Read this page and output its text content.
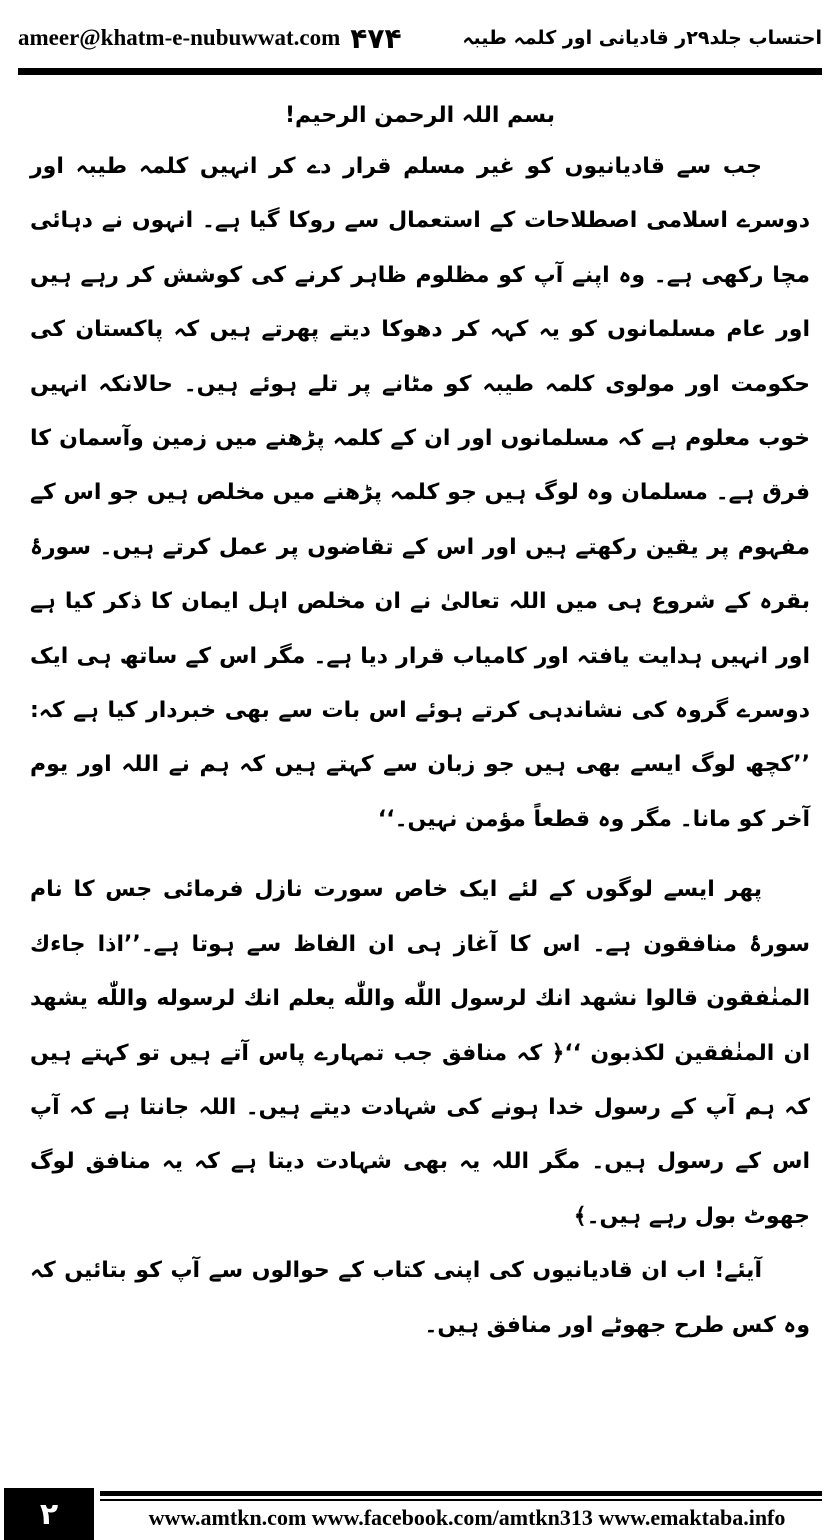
ameer@khatm-e-nubuwwat.com ۴۷۴	احتساب جلد۲۹ر قادیانی اور کلمہ طیبہ
بسم اللہ الرحمن الرحیم!

جب سے قادیانیوں کو غیر مسلم قرار دے کر انہیں کلمہ طیبہ اور دوسرے اسلامی اصطلاحات کے استعمال سے روکا گیا ہے۔ انہوں نے دہائی مچا رکھی ہے۔ وہ اپنے آپ کو مظلوم ظاہر کرنے کی کوشش کر رہے ہیں اور عام مسلمانوں کو یہ کہہ کر دھوکا دیتے پھرتے ہیں کہ پاکستان کی حکومت اور مولوی کلمہ طیبہ کو مٹانے پر تلے ہوئے ہیں۔ حالانکہ انہیں خوب معلوم ہے کہ مسلمانوں اور ان کے کلمہ پڑھنے میں زمین وآسمان کا فرق ہے۔ مسلمان وہ لوگ ہیں جو کلمہ پڑھنے میں مخلص ہیں جو اس کے مفہوم پر یقین رکھتے ہیں اور اس کے تقاضوں پر عمل کرتے ہیں۔ سورۂ بقرہ کے شروع ہی میں اللہ تعالیٰ نے ان مخلص اہل ایمان کا ذکر کیا ہے اور انہیں ہدایت یافتہ اور کامیاب قرار دیا ہے۔ مگر اس کے ساتھ ہی ایک دوسرے گروہ کی نشاندہی کرتے ہوئے اس بات سے بھی خبردار کیا ہے کہ: ’’کچھ لوگ ایسے بھی ہیں جو زبان سے کہتے ہیں کہ ہم نے اللہ اور یوم آخر کو مانا۔ مگر وہ قطعاً مؤمن نہیں۔‘‘

پھر ایسے لوگوں کے لئے ایک خاص سورت نازل فرمائی جس کا نام سورۂ منافقون ہے۔ اس کا آغاز ہی ان الفاظ سے ہوتا ہے۔’’اذا جاءك المنٰفقون قالوا نشهد انك لرسول اللّٰه واللّٰه يعلم انك لرسوله واللّٰه يشهد ان المنٰفقين لكذبون ‘‘﴿ کہ منافق جب تمہارے پاس آتے ہیں تو کہتے ہیں کہ ہم آپ کے رسول خدا ہونے کی شہادت دیتے ہیں۔ اللہ جانتا ہے کہ آپ اس کے رسول ہیں۔ مگر اللہ یہ بھی شہادت دیتا ہے کہ یہ منافق لوگ جھوٹ بول رہے ہیں۔﴾

آیئے! اب ان قادیانیوں کی اپنی کتاب کے حوالوں سے آپ کو بتائیں کہ وہ کس طرح جھوٹے اور منافق ہیں۔

۲	www.amtkn.com www.facebook.com/amtkn313 www.emaktaba.info
